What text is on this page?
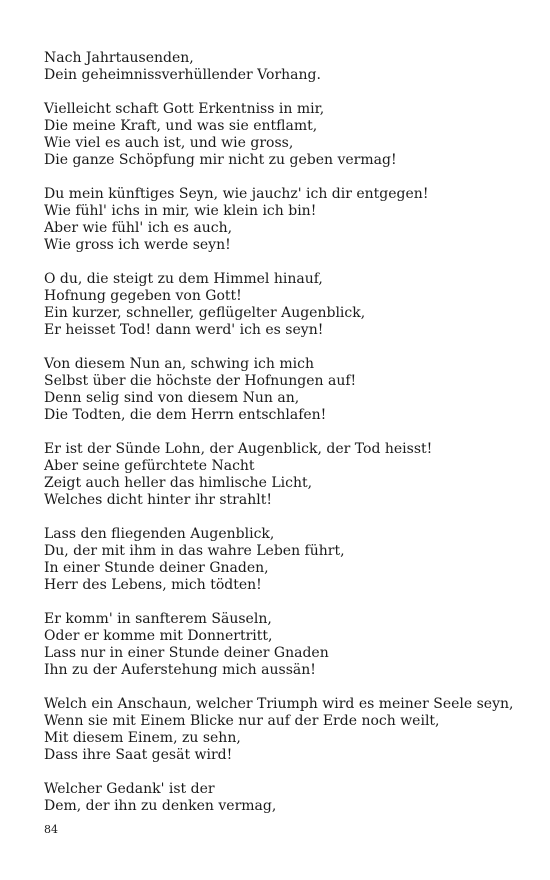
Nach Jahrtausenden,
Dein geheimnissverhüllender Vorhang.
Vielleicht schaft Gott Erkentniss in mir,
Die meine Kraft, und was sie entflamt,
Wie viel es auch ist, und wie gross,
Die ganze Schöpfung mir nicht zu geben vermag!
Du mein künftiges Seyn, wie jauchz' ich dir entgegen!
Wie fühl' ichs in mir, wie klein ich bin!
Aber wie fühl' ich es auch,
Wie gross ich werde seyn!
O du, die steigt zu dem Himmel hinauf,
Hofnung gegeben von Gott!
Ein kurzer, schneller, geflügelter Augenblick,
Er heisset Tod! dann werd' ich es seyn!
Von diesem Nun an, schwing ich mich
Selbst über die höchste der Hofnungen auf!
Denn selig sind von diesem Nun an,
Die Todten, die dem Herrn entschlafen!
Er ist der Sünde Lohn, der Augenblick, der Tod heisst!
Aber seine gefürchtete Nacht
Zeigt auch heller das himlische Licht,
Welches dicht hinter ihr strahlt!
Lass den fliegenden Augenblick,
Du, der mit ihm in das wahre Leben führt,
In einer Stunde deiner Gnaden,
Herr des Lebens, mich tödten!
Er komm' in sanfterem Säuseln,
Oder er komme mit Donnertritt,
Lass nur in einer Stunde deiner Gnaden
Ihn zu der Auferstehung mich aussän!
Welch ein Anschaun, welcher Triumph wird es meiner Seele seyn,
Wenn sie mit Einem Blicke nur auf der Erde noch weilt,
Mit diesem Einem, zu sehn,
Dass ihre Saat gesät wird!
Welcher Gedank' ist der
Dem, der ihn zu denken vermag,
84
